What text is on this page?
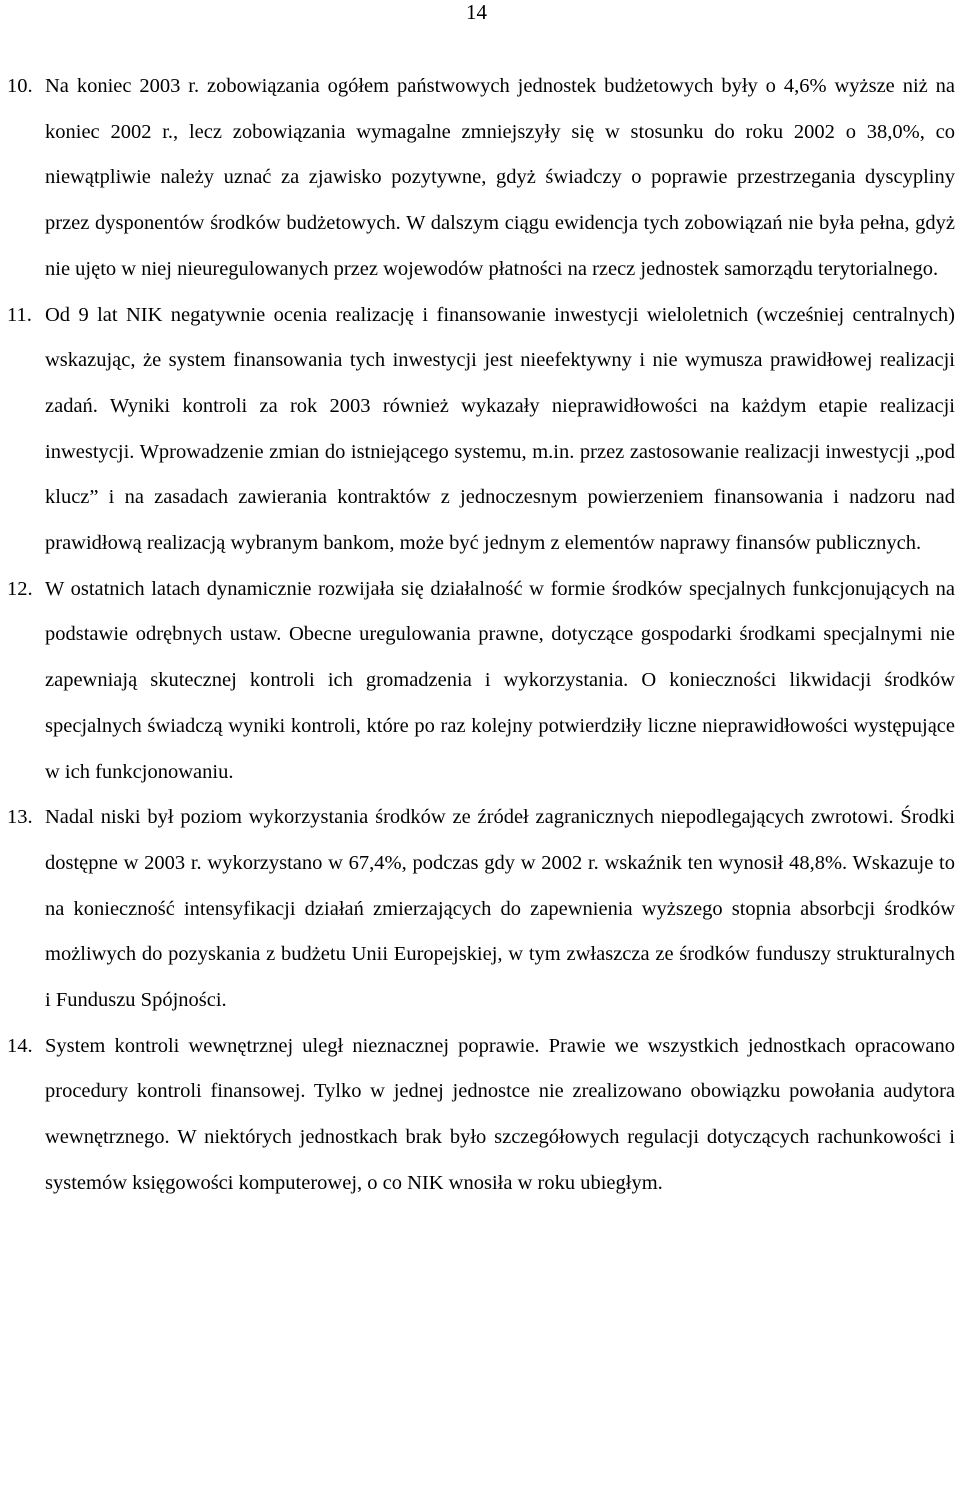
14
10. Na koniec 2003 r. zobowiązania ogółem państwowych jednostek budżetowych były o 4,6% wyższe niż na koniec 2002 r., lecz zobowiązania wymagalne zmniejszyły się w stosunku do roku 2002 o 38,0%, co niewątpliwie należy uznać za zjawisko pozytywne, gdyż świadczy o poprawie przestrzegania dyscypliny przez dysponentów środków budżetowych. W dalszym ciągu ewidencja tych zobowiązań nie była pełna, gdyż nie ujęto w niej nieuregulowanych przez wojewodów płatności na rzecz jednostek samorządu terytorialnego.
11. Od 9 lat NIK negatywnie ocenia realizację i finansowanie inwestycji wieloletnich (wcześniej centralnych) wskazując, że system finansowania tych inwestycji jest nieefektywny i nie wymusza prawidłowej realizacji zadań. Wyniki kontroli za rok 2003 również wykazały nieprawidłowości na każdym etapie realizacji inwestycji. Wprowadzenie zmian do istniejącego systemu, m.in. przez zastosowanie realizacji inwestycji „pod klucz” i na zasadach zawierania kontraktów z jednoczesnym powierzeniem finansowania i nadzoru nad prawidłową realizacją wybranym bankom, może być jednym z elementów naprawy finansów publicznych.
12. W ostatnich latach dynamicznie rozwijała się działalność w formie środków specjalnych funkcjonujących na podstawie odrębnych ustaw. Obecne uregulowania prawne, dotyczące gospodarki środkami specjalnymi nie zapewniają skutecznej kontroli ich gromadzenia i wykorzystania. O konieczności likwidacji środków specjalnych świadczą wyniki kontroli, które po raz kolejny potwierdziły liczne nieprawidłowości występujące w ich funkcjonowaniu.
13. Nadal niski był poziom wykorzystania środków ze źródeł zagranicznych niepodlegających zwrotowi. Środki dostępne w 2003 r. wykorzystano w 67,4%, podczas gdy w 2002 r. wskaźnik ten wynosił 48,8%. Wskazuje to na konieczność intensyfikacji działań zmierzających do zapewnienia wyższego stopnia absorbcji środków możliwych do pozyskania z budżetu Unii Europejskiej, w tym zwłaszcza ze środków funduszy strukturalnych i Funduszu Spójności.
14. System kontroli wewnętrznej uległ nieznacznej poprawie. Prawie we wszystkich jednostkach opracowano procedury kontroli finansowej. Tylko w jednej jednostce nie zrealizowano obowiązku powołania audytora wewnętrznego. W niektórych jednostkach brak było szczegółowych regulacji dotyczących rachunkowości i systemów księgowości komputerowej, o co NIK wnosiła w roku ubiegłym.
